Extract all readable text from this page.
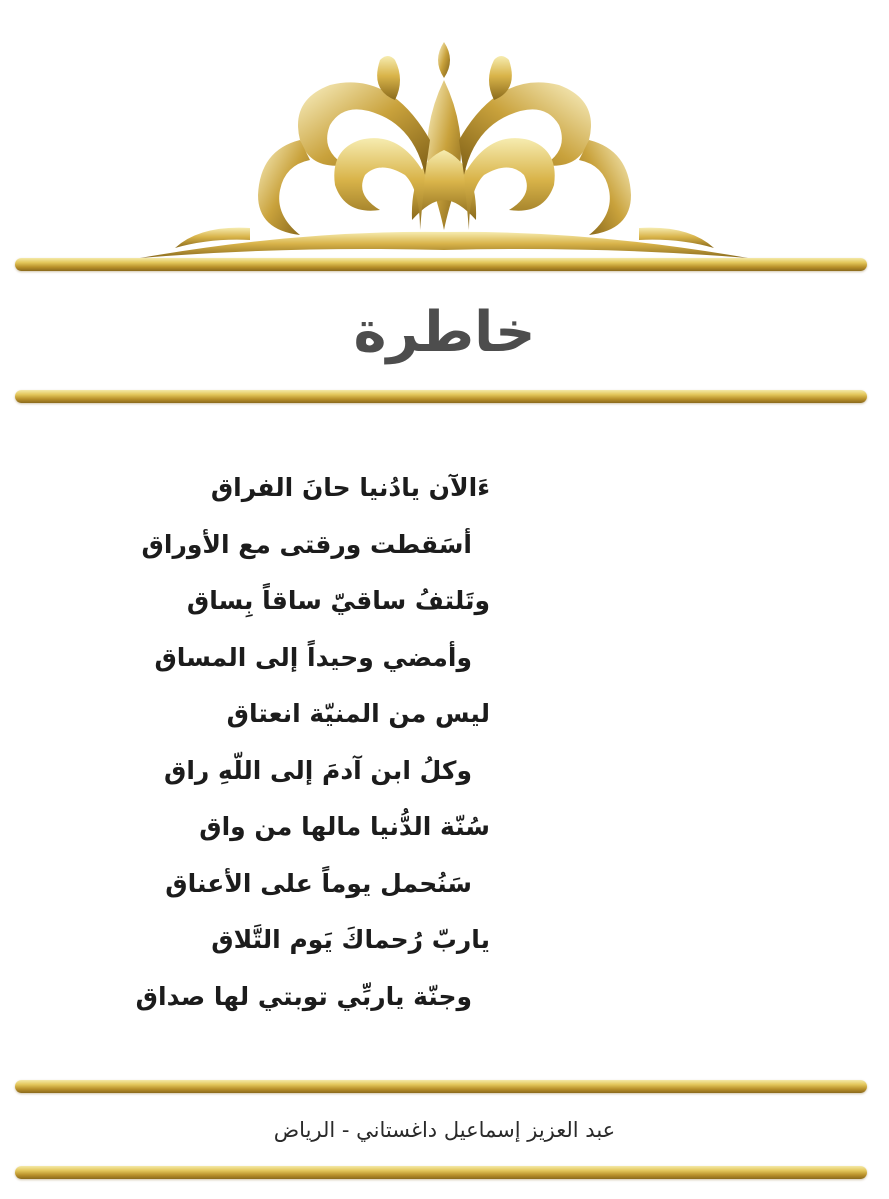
خاطرة
ءَالآن يادُنيا حانَ الفراق
أسَقطت ورقتى مع الأوراق
وتَلتفُ ساقيّ ساقاً بِساق
وأمضي وحيداً إلى المساق
ليس من المنيّة انعتاق
وكلُ ابن آدمَ إلى اللّهِ راق
سُنّة الدُّنيا مالها من واق
سَنُحمل يوماً على الأعناق
ياربّ رُحماكَ يَوم التَّلاق
وجنّة ياربِّي توبتي لها صداق
عبد العزيز إسماعيل داغستاني - الرياض
